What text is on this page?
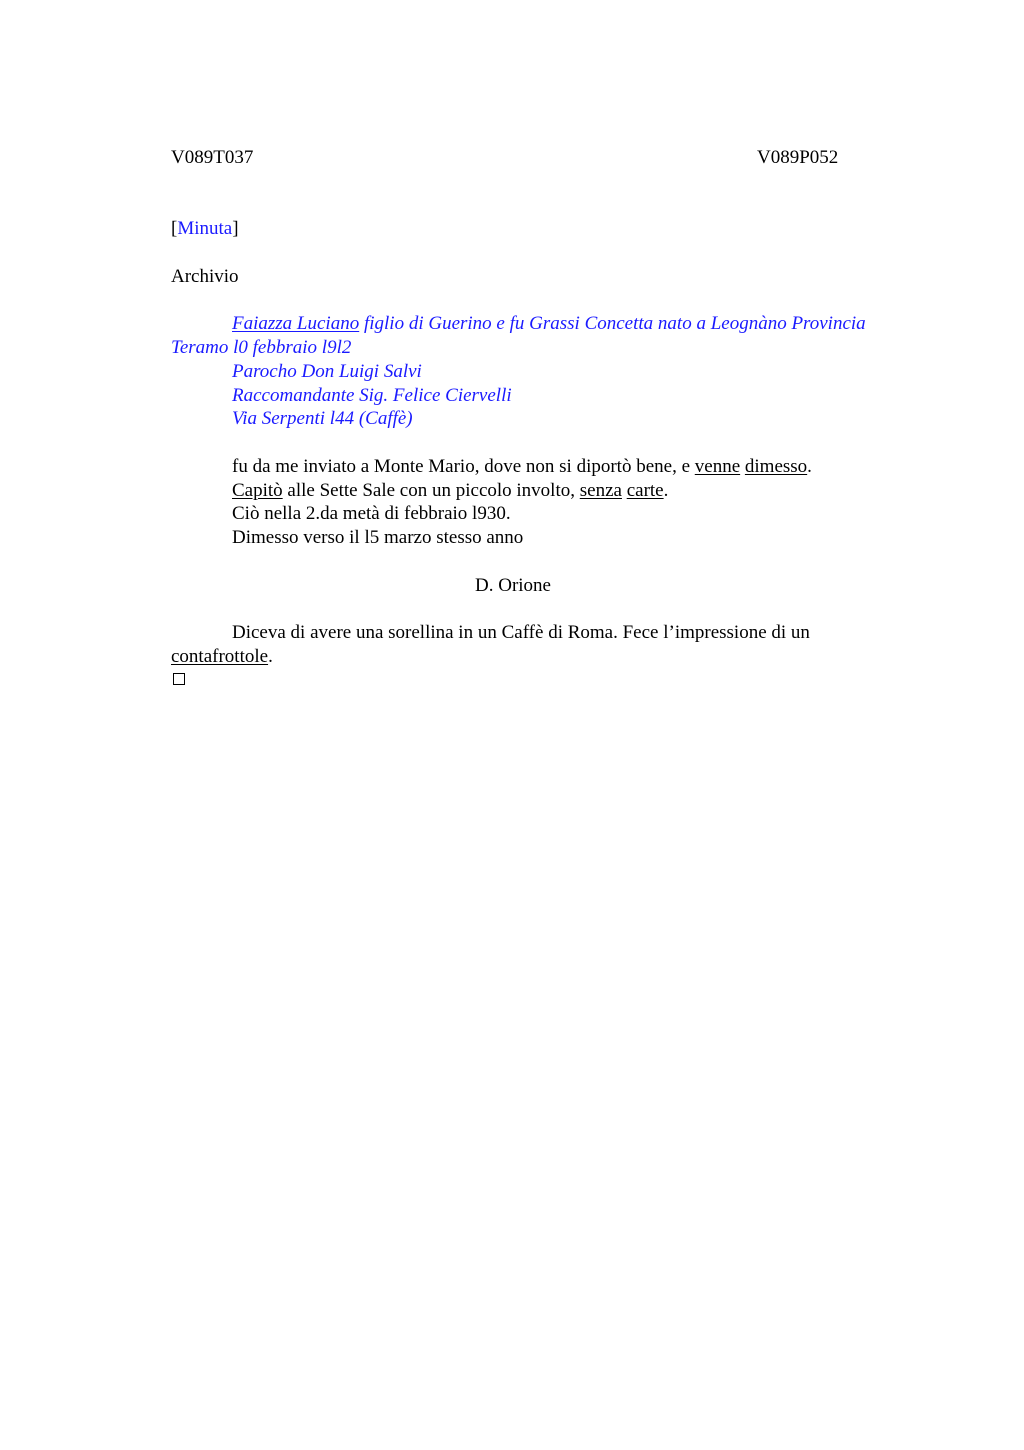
V089T037	V089P052
[Minuta]
Archivio
Faiazza Luciano figlio di Guerino e fu Grassi Concetta nato a Leognàno Provincia
Teramo l0 febbraio l9l2
Parocho Don Luigi Salvi
Raccomandante Sig. Felice Ciervelli
Via Serpenti l44 (Caffè)
fu da me inviato a Monte Mario, dove non si diportò bene, e venne dimesso.
Capitò alle Sette Sale con un piccolo involto, senza carte.
Ciò nella 2.da metà di febbraio l930.
Dimesso verso il l5 marzo stesso anno
D. Orione
Diceva di avere una sorellina in un Caffè di Roma. Fece l’impressione di un
contafrottole.
